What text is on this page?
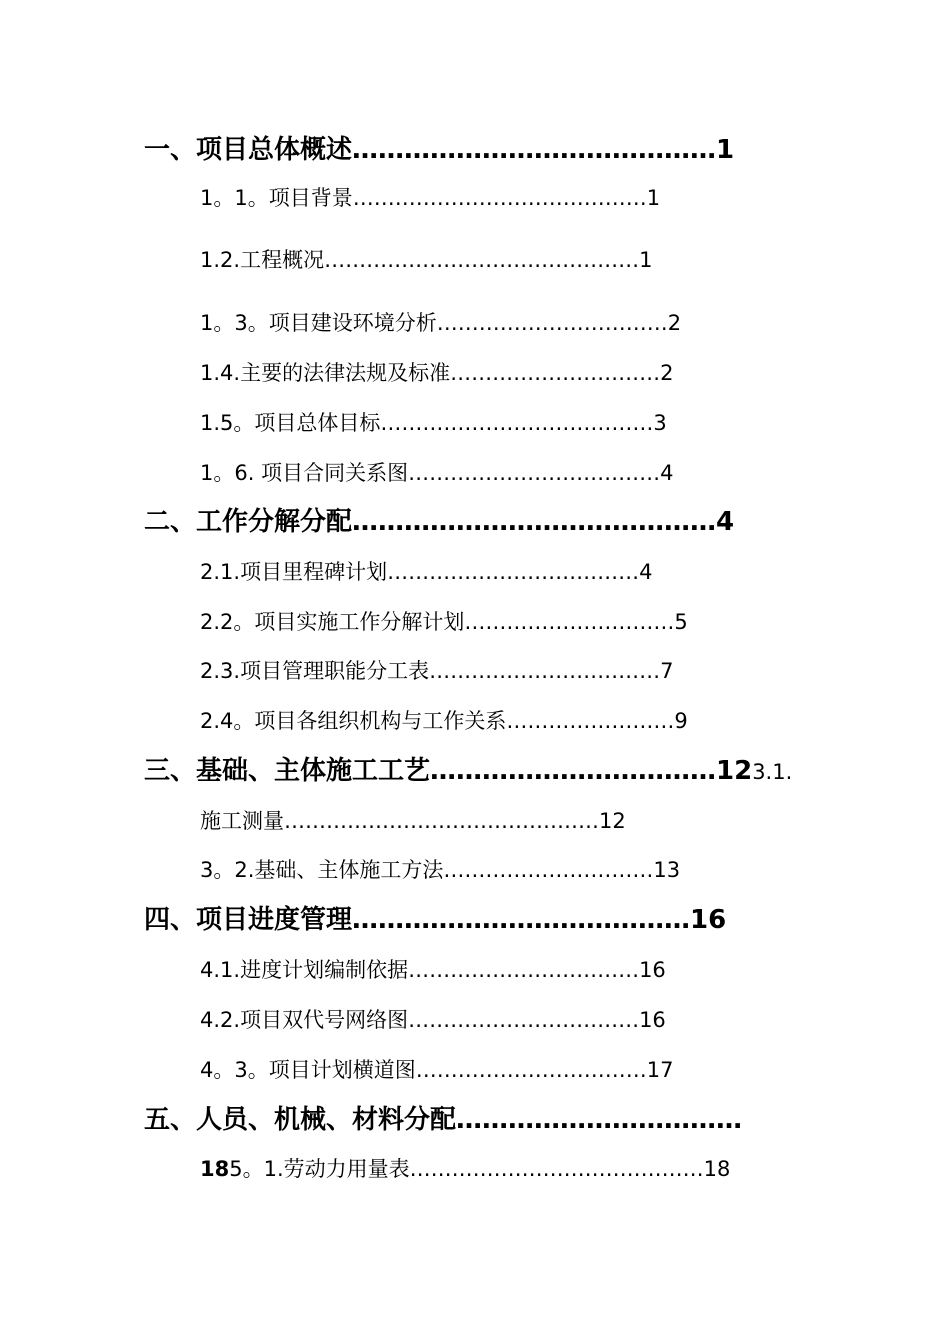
一、项目总体概述……………………………………1
1。1。项目背景……………………………………1
1.2.工程概况………………………………………1
1。3。项目建设环境分析……………………………2
1.4.主要的法律法规及标准…………………………2
1.5。项目总体目标…………………………………3
1。6. 项目合同关系图………………………………4
二、工作分解分配……………………………………4
2.1.项目里程碑计划………………………………4
2.2。项目实施工作分解计划…………………………5
2.3.项目管理职能分工表……………………………7
2.4。项目各组织机构与工作关系……………………9
三、基础、主体施工工艺……………………………123.1.
施工测量………………………………………12
3。2.基础、主体施工方法…………………………13
四、项目进度管理…………………………………16
4.1.进度计划编制依据……………………………16
4.2.项目双代号网络图……………………………16
4。3。项目计划横道图……………………………17
五、人员、机械、材料分配……………………………
185。1.劳动力用量表……………………………………18
